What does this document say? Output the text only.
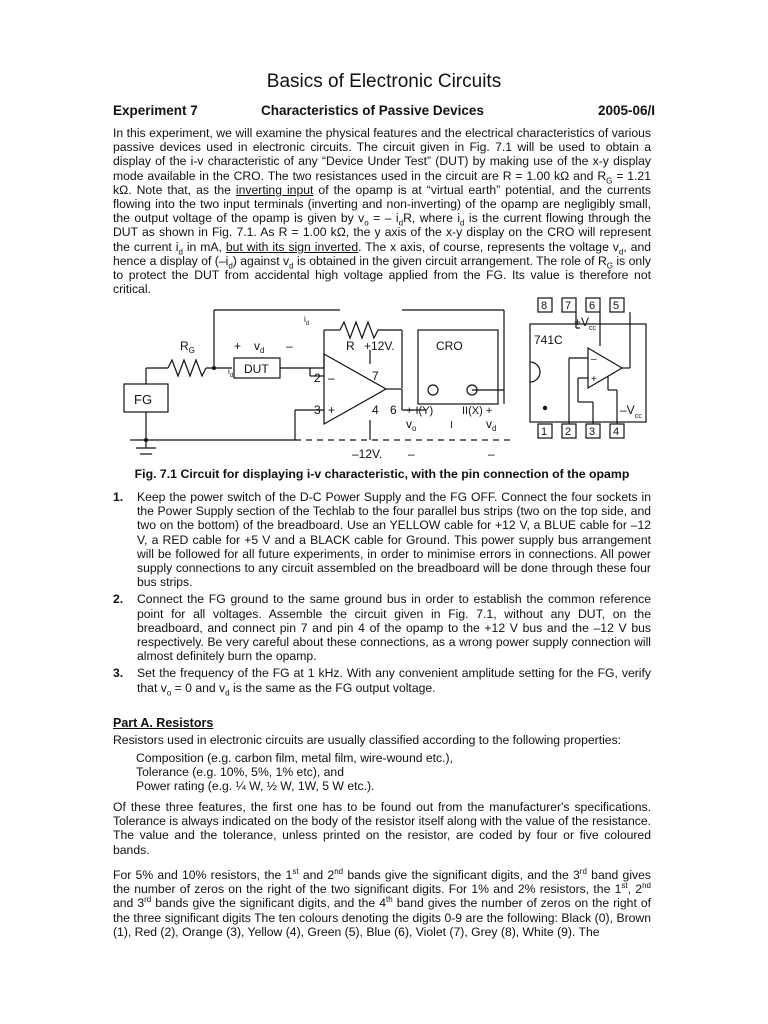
Basics of Electronic Circuits
Experiment 7	Characteristics of Passive Devices	2005-06/I

In this experiment, we will examine the physical features and the electrical characteristics of various passive devices used in electronic circuits. The circuit given in Fig. 7.1 will be used to obtain a display of the i-v characteristic of any “Device Under Test” (DUT) by making use of the x-y display mode available in the CRO. The two resistances used in the circuit are R = 1.00 kΩ and $R_G = 1.21$ kΩ. Note that, as the inverting input of the opamp is at “virtual earth” potential, and the currents flowing into the two input terminals (inverting and non-inverting) of the opamp are negligibly small, the output voltage of the opamp is given by $v_o$ = – $i_dR$, where $i_d$ is the current flowing through the DUT as shown in Fig. 7.1. As R = 1.00 kΩ, the y axis of the x-y display on the CRO will represent the current $i_d$ in mA, but with its sign inverted. The x axis, of course, represents the voltage $v_d$, and hence a display of $(-i_d)$ against $v_d$ is obtained in the given circuit arrangement. The role of $R_G$ is only to protect the DUT from accidental high voltage applied from the FG. Its value is therefore not critical.

$R_G$
$i_d$ DUT
FG
+ $v_d$ –
$i_d$
R +12V.
–12V.
2
3	4 6
7
–
+
CRO
+ I(Y)	II(X) +
$v_o$	I	$v_d$
–	–
741C
$+V_{cc}$
$-V_{cc}$
–
+
8 7 6 5
1 2 3 4
Fig. 7.1 Circuit for displaying i-v characteristic, with the pin connection of the opamp
1. Keep the power switch of the D-C Power Supply and the FG OFF. Connect the four sockets in the Power Supply section of the Techlab to the four parallel bus strips (two on the top side, and two on the bottom) of the breadboard. Use an YELLOW cable for +12 V, a BLUE cable for –12 V, a RED cable for +5 V and a BLACK cable for Ground. This power supply bus arrangement will be followed for all future experiments, in order to minimise errors in connections. All power supply connections to any circuit assembled on the breadboard will be done through these four bus strips.
2. Connect the FG ground to the same ground bus in order to establish the common reference point for all voltages. Assemble the circuit given in Fig. 7.1, without any DUT, on the breadboard, and connect pin 7 and pin 4 of the opamp to the +12 V bus and the –12 V bus respectively. Be very careful about these connections, as a wrong power supply connection will almost definitely burn the opamp.
3. Set the frequency of the FG at 1 kHz. With any convenient amplitude setting for the FG, verify that $v_o = 0$ and $v_d$ is the same as the FG output voltage.
Part A. Resistors

Resistors used in electronic circuits are usually classified according to the following properties:

Composition (e.g. carbon film, metal film, wire-wound etc.),
Tolerance (e.g. 10%, 5%, 1% etc), and
Power rating (e.g. ¼ W, ½ W, 1W, 5 W etc.).

Of these three features, the first one has to be found out from the manufacturer's specifications. Tolerance is always indicated on the body of the resistor itself along with the value of the resistance. The value and the tolerance, unless printed on the resistor, are coded by four or five coloured bands.

For 5% and 10% resistors, the 1st and 2nd bands give the significant digits, and the 3rd band gives the number of zeros on the right of the two significant digits. For 1% and 2% resistors, the 1st, 2nd and 3rd bands give the significant digits, and the 4th band gives the number of zeros on the right of the three significant digits The ten colours denoting the digits 0-9 are the following: Black (0), Brown (1), Red (2), Orange (3), Yellow (4), Green (5), Blue (6), Violet (7), Grey (8), White (9). The
